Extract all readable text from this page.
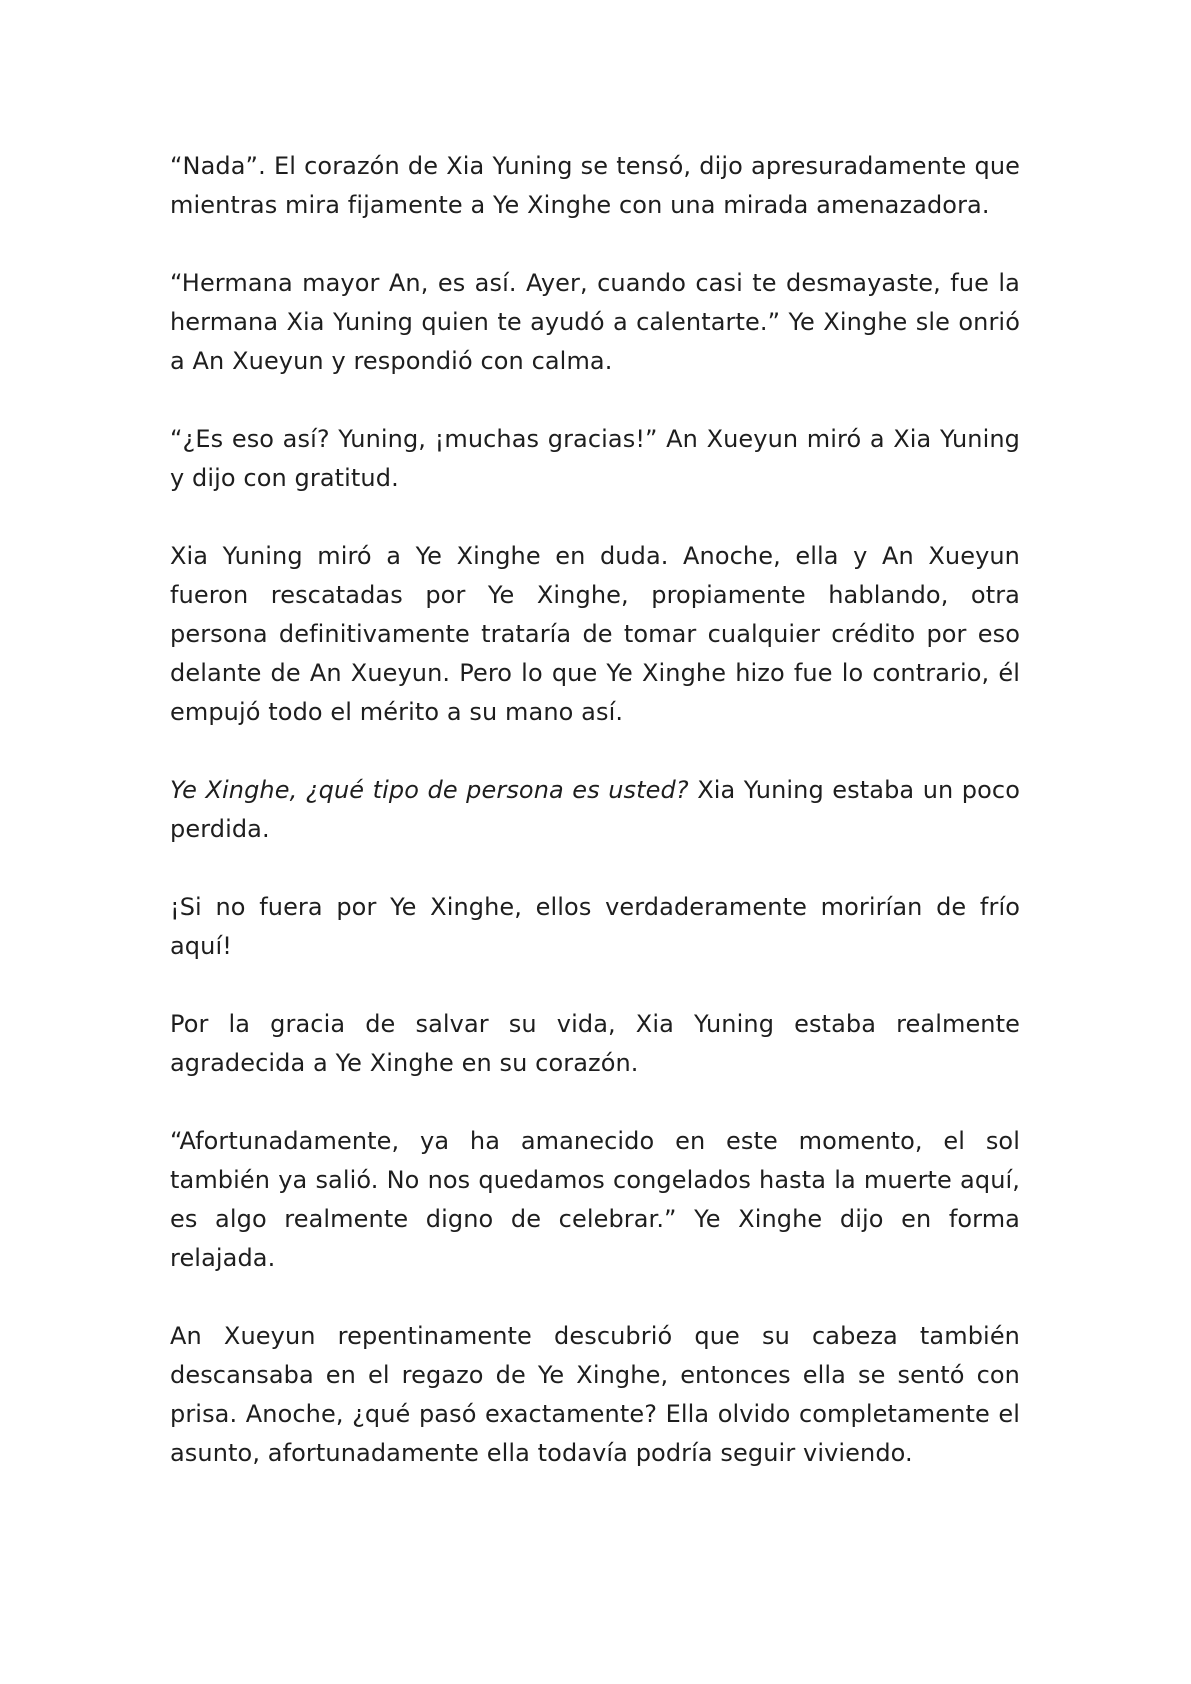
“Nada”. El corazón de Xia Yuning se tensó, dijo apresuradamente que mientras mira fijamente a Ye Xinghe con una mirada amenazadora.

“Hermana mayor An, es así. Ayer, cuando casi te desmayaste, fue la hermana Xia Yuning quien te ayudó a calentarte.” Ye Xinghe sle onrió a An Xueyun y respondió con calma.

“¿Es eso así? Yuning, ¡muchas gracias!” An Xueyun miró a Xia Yuning y dijo con gratitud.

Xia Yuning miró a Ye Xinghe en duda. Anoche, ella y An Xueyun fueron rescatadas por Ye Xinghe, propiamente hablando, otra persona definitivamente trataría de tomar cualquier crédito por eso delante de An Xueyun. Pero lo que Ye Xinghe hizo fue lo contrario, él empujó todo el mérito a su mano así.

Ye Xinghe, ¿qué tipo de persona es usted? Xia Yuning estaba un poco perdida.

¡Si no fuera por Ye Xinghe, ellos verdaderamente morirían de frío aquí!

Por la gracia de salvar su vida, Xia Yuning estaba realmente agradecida a Ye Xinghe en su corazón.

“Afortunadamente, ya ha amanecido en este momento, el sol también ya salió. No nos quedamos congelados hasta la muerte aquí, es algo realmente digno de celebrar.” Ye Xinghe dijo en forma relajada.

An Xueyun repentinamente descubrió que su cabeza también descansaba en el regazo de Ye Xinghe, entonces ella se sentó con prisa. Anoche, ¿qué pasó exactamente? Ella olvido completamente el asunto, afortunadamente ella todavía podría seguir viviendo.
